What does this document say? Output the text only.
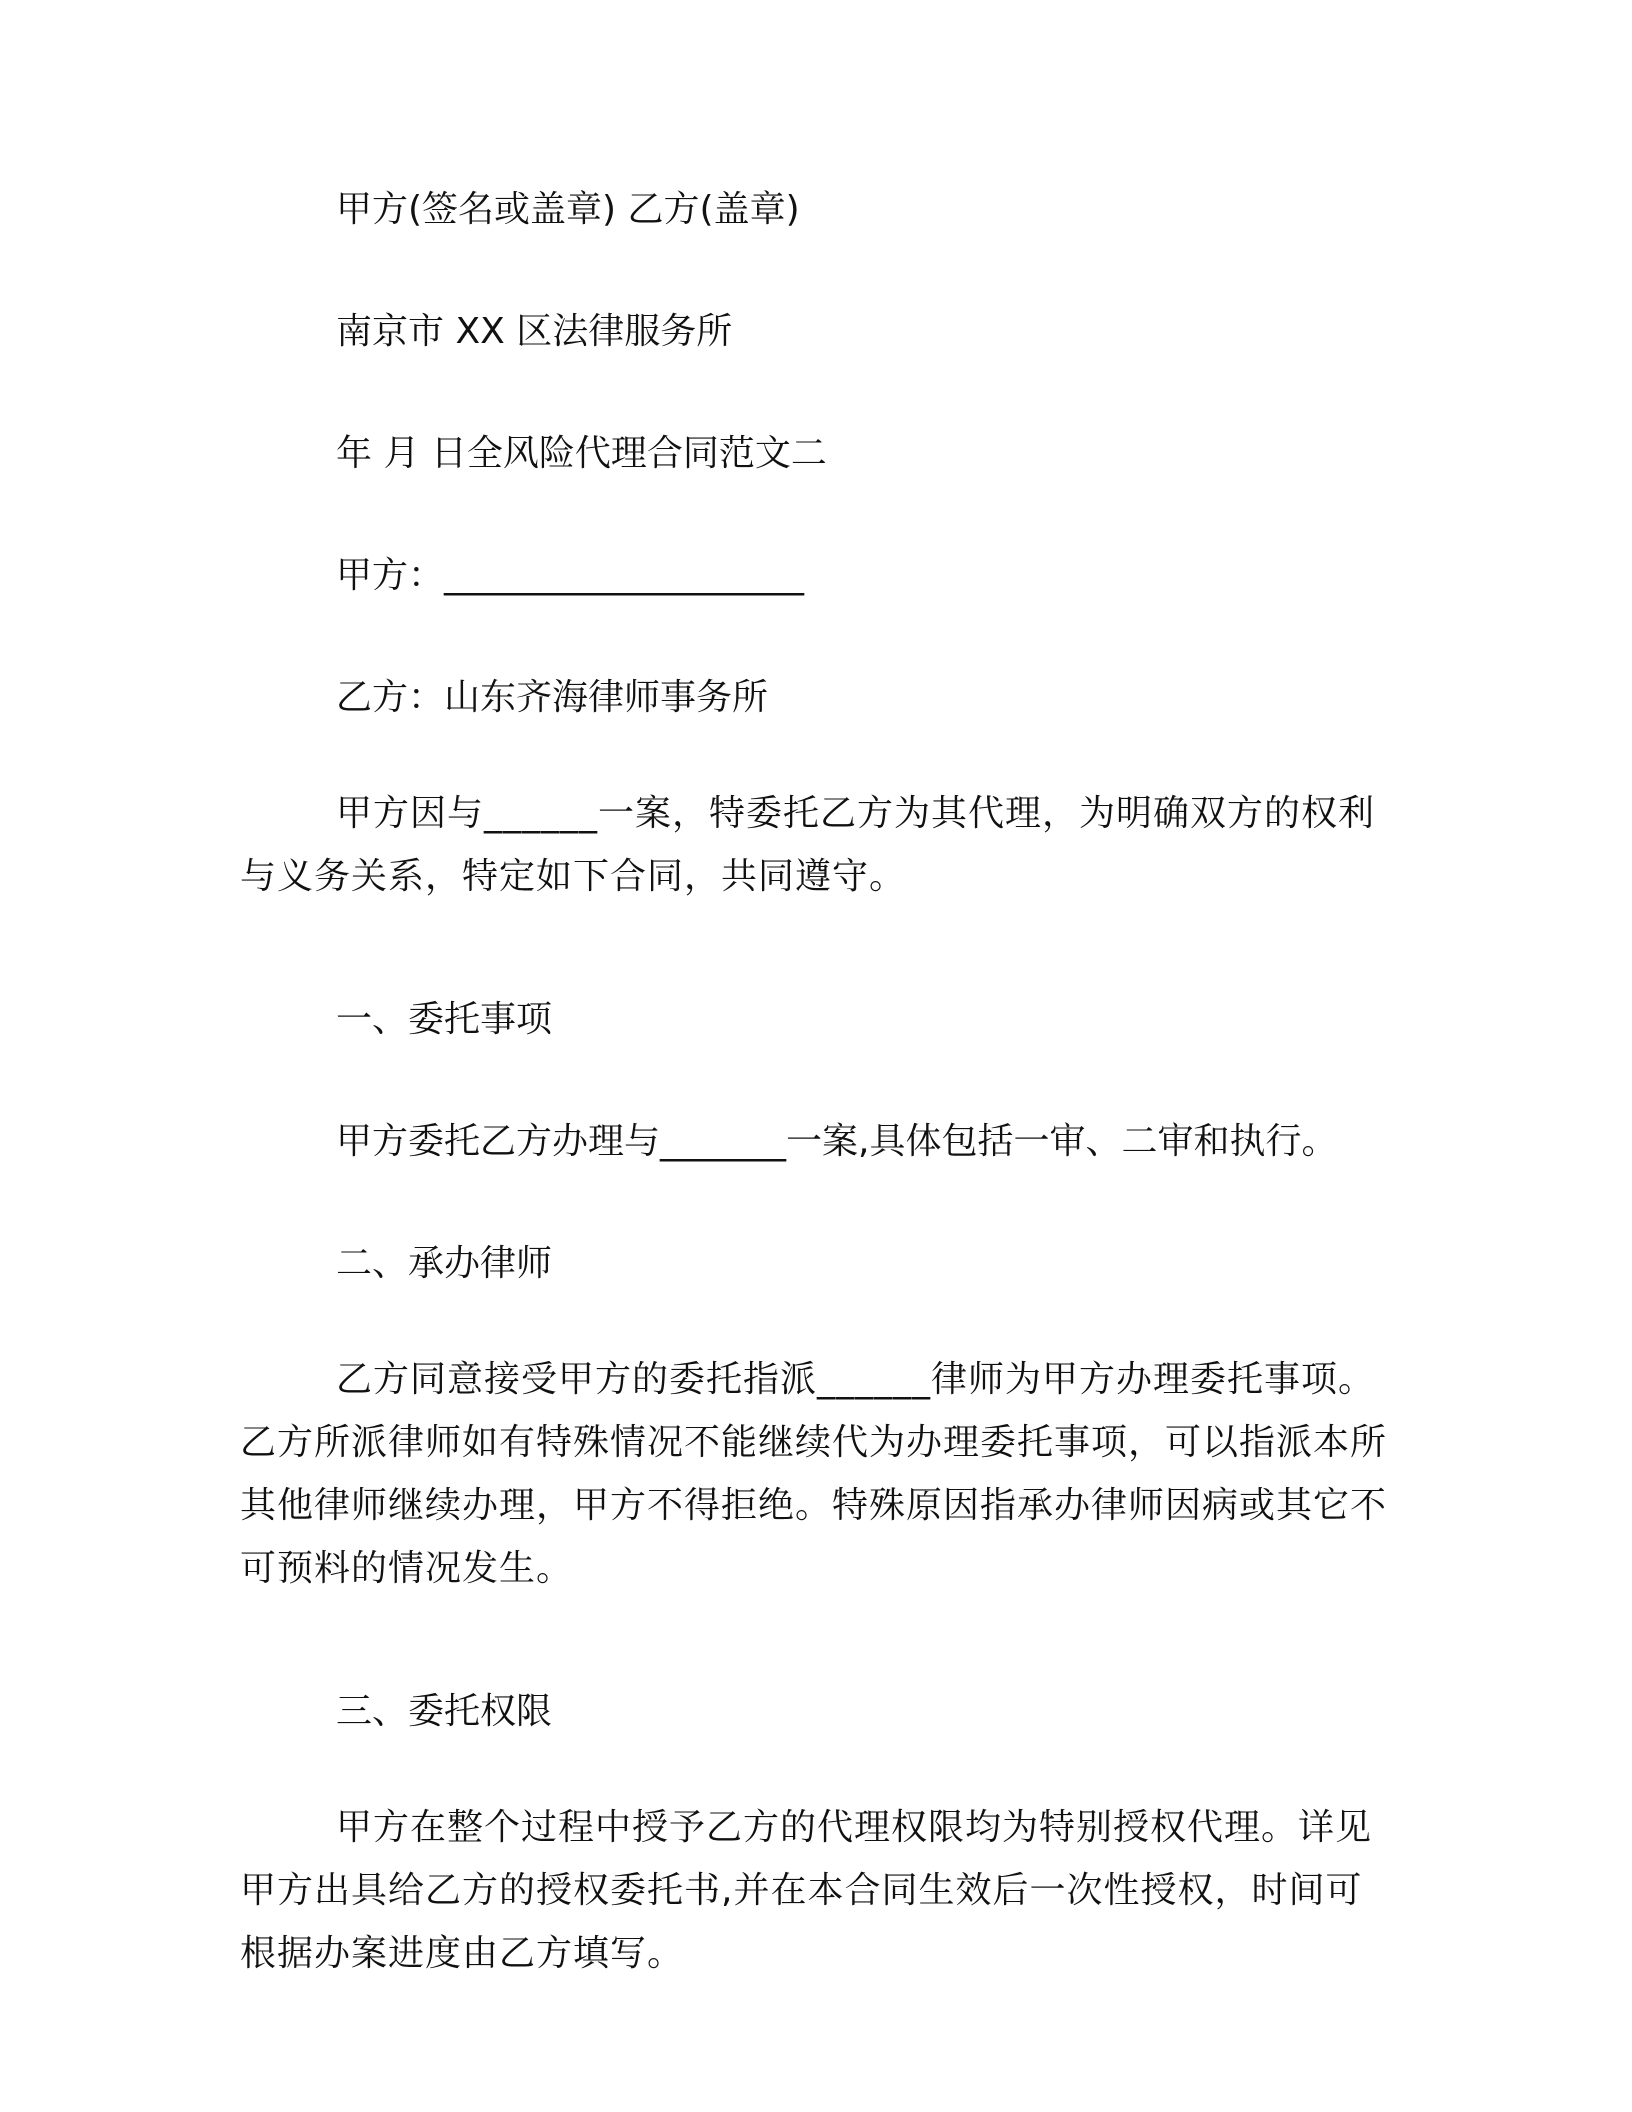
甲方(签名或盖章) 乙方(盖章)

南京市 XX 区法律服务所

年 月 日全风险代理合同范文二

甲方：____________________

乙方：山东齐海律师事务所

甲方因与______一案，特委托乙方为其代理，为明确双方的权利与义务关系，特定如下合同，共同遵守。

一、委托事项

甲方委托乙方办理与_______一案,具体包括一审、二审和执行。

二、承办律师

乙方同意接受甲方的委托指派______律师为甲方办理委托事项。乙方所派律师如有特殊情况不能继续代为办理委托事项，可以指派本所其他律师继续办理，甲方不得拒绝。特殊原因指承办律师因病或其它不可预料的情况发生。

三、委托权限

甲方在整个过程中授予乙方的代理权限均为特别授权代理。详见甲方出具给乙方的授权委托书,并在本合同生效后一次性授权，时间可根据办案进度由乙方填写。
